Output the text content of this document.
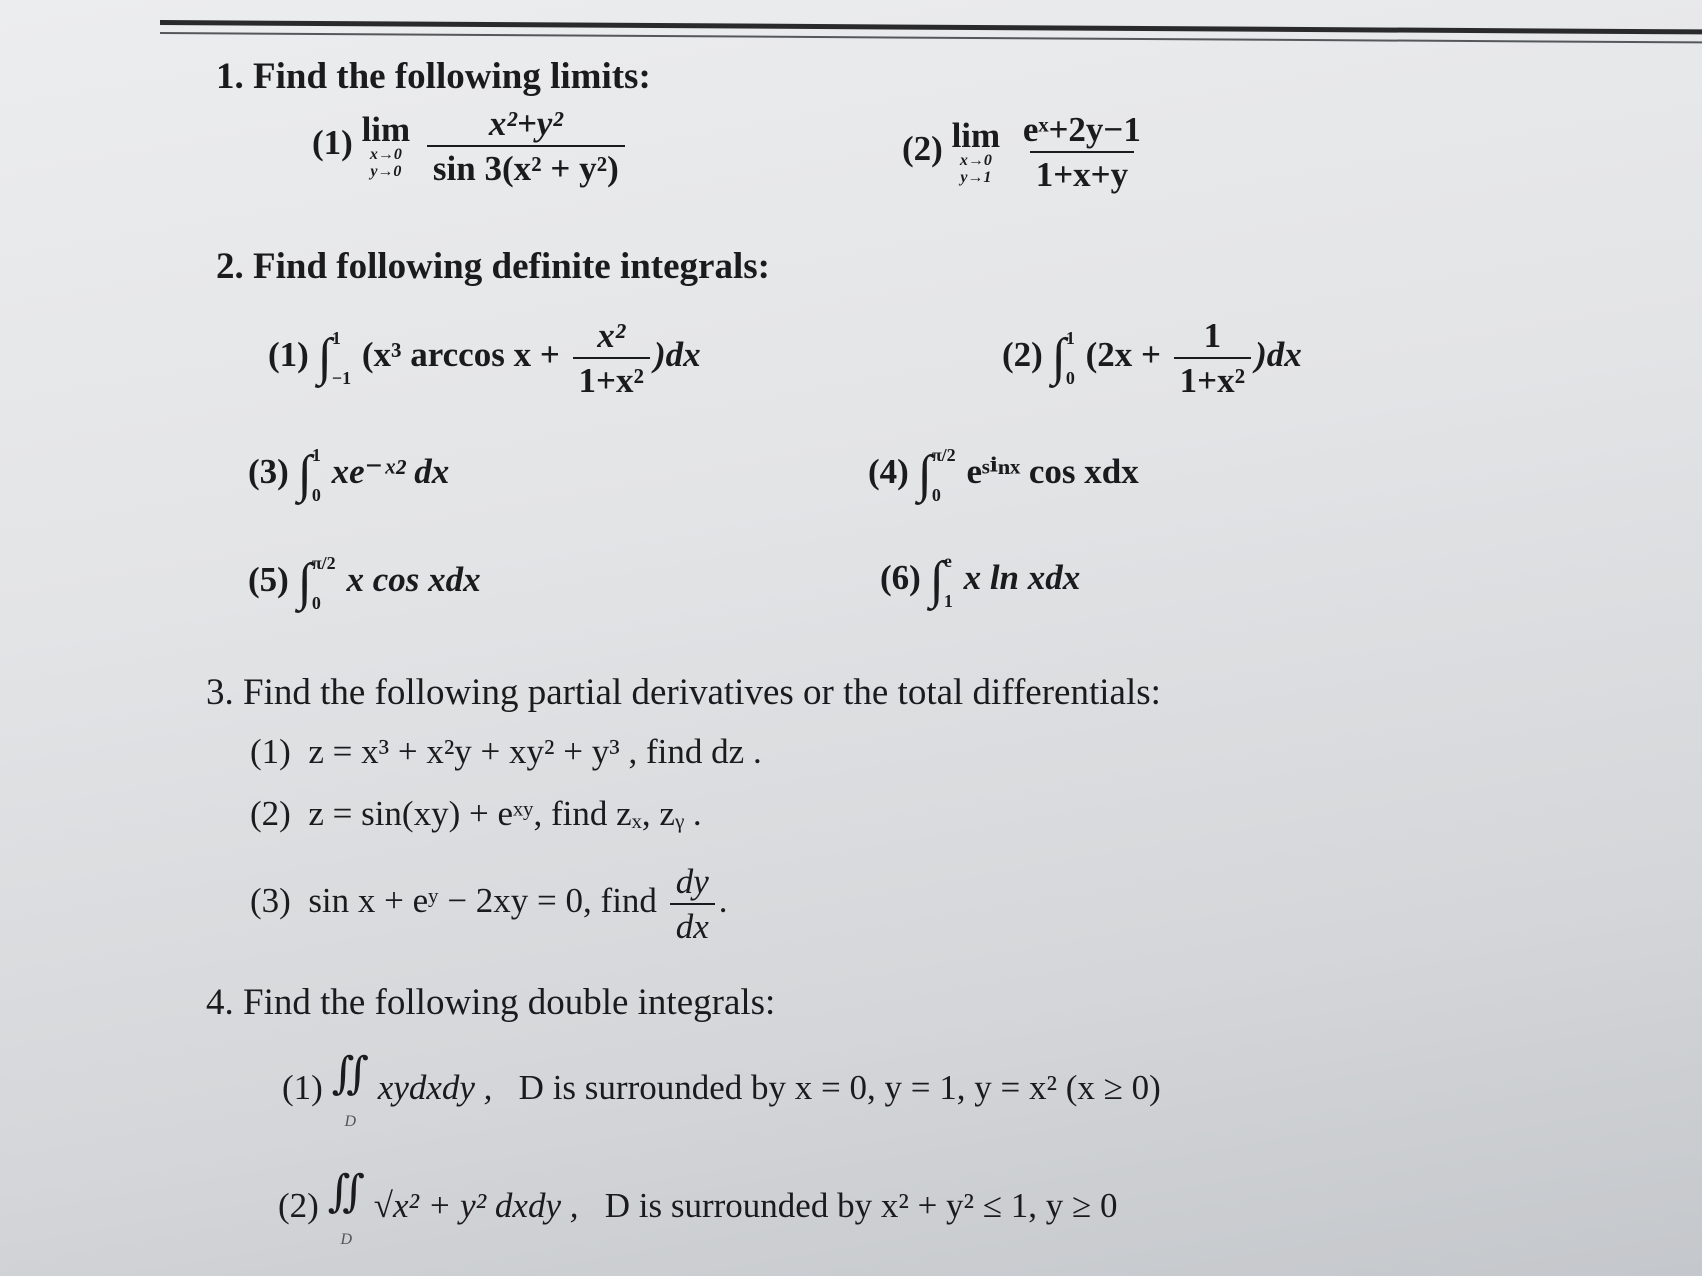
1. Find the following limits:
(1) lim
x→0
y→0
$\frac{\text{x²+y²}}{\text{sin 3(x² + y²)}}$	(2) lim
x→0
y→1
$\frac{\text{eˣ+2y−1}}{1+x+y}$
2. Find following definite integrals:
(1) ∫ 1
−1
(x³ $\arccos x + \frac{\text{x²}}{\text{1+x²}} )dx$	(2) ∫ 1
0
$(2x + \frac{1}{\text{1+x²}} )dx$
(3) ∫ 1
0
xe⁻ˣ² dx	(4) ∫ π/2
0
eˢⁱⁿˣ cos xdx
(5) ∫ π/2
0
x cos xdx	(6) ∫ e
1
x ln xdx
3. Find the following partial derivatives or the total differentials:
(1) z = x³ + x²y + xy² + y³ , find dz .
(2) z = sin(xy) + eˣʸ, find zₓ, zᵧ .
(3) sin x + eʸ − 2xy = 0, find $\frac{dy}{dx}$ .
4. Find the following double integrals:
(1) ∬
D
xydxdy , D is surrounded by x = 0, y = 1, y = x² (x ≥ 0)
(2) ∬
D
√x² + y² dxdy , D is surrounded by x² + y² ≤ 1, y ≥ 0
